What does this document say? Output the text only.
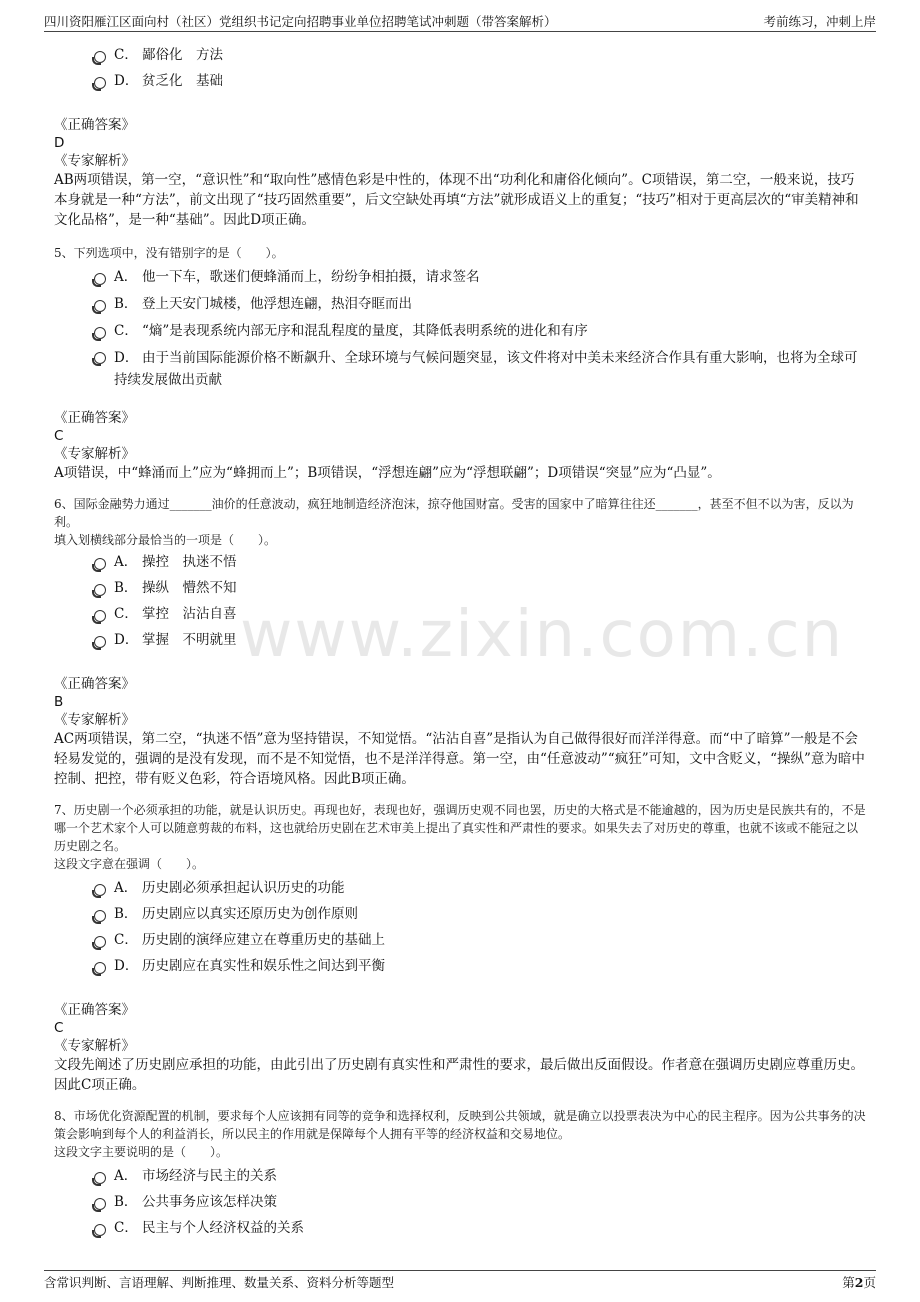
四川资阳雁江区面向村（社区）党组织书记定向招聘事业单位招聘笔试冲刺题（带答案解析）	考前练习，冲刺上岸
www.zixin.com.cn
C． 鄙俗化　方法
D． 贫乏化　基础
《正确答案》
D
《专家解析》
AB两项错误，第一空，“意识性”和“取向性”感情色彩是中性的，体现不出“功利化和庸俗化倾向”。C项错误，第二空，一般来说，技巧本身就是一种“方法”，前文出现了“技巧固然重要”，后文空缺处再填“方法”就形成语义上的重复；“技巧”相对于更高层次的“审美精神和文化品格”，是一种“基础”。因此D项正确。
5、下列选项中，没有错别字的是（　　）。
A． 他一下车，歌迷们便蜂涌而上，纷纷争相拍摄，请求签名
B． 登上天安门城楼，他浮想连翩，热泪夺眶而出
C． “熵”是表现系统内部无序和混乱程度的量度，其降低表明系统的进化和有序
D． 由于当前国际能源价格不断飙升、全球环境与气候问题突显，该文件将对中美未来经济合作具有重大影响，也将为全球可持续发展做出贡献
《正确答案》
C
《专家解析》
A项错误，中“蜂涌而上”应为“蜂拥而上”；B项错误，“浮想连翩”应为“浮想联翩”；D项错误“突显”应为“凸显”。
6、国际金融势力通过_______油价的任意波动，疯狂地制造经济泡沫，掠夺他国财富。受害的国家中了暗算往往还_______，甚至不但不以为害，反以为利。
填入划横线部分最恰当的一项是（　　）。
A． 操控　执迷不悟
B． 操纵　懵然不知
C． 掌控　沾沾自喜
D． 掌握　不明就里
《正确答案》
B
《专家解析》
AC两项错误，第二空，“执迷不悟”意为坚持错误，不知觉悟。“沾沾自喜”是指认为自己做得很好而洋洋得意。而“中了暗算”一般是不会轻易发觉的，强调的是没有发现，而不是不知觉悟，也不是洋洋得意。第一空，由“任意波动”“疯狂”可知，文中含贬义，“操纵”意为暗中控制、把控，带有贬义色彩，符合语境风格。因此B项正确。
7、历史剧一个必须承担的功能，就是认识历史。再现也好，表现也好，强调历史观不同也罢，历史的大格式是不能逾越的，因为历史是民族共有的，不是哪一个艺术家个人可以随意剪裁的布料，这也就给历史剧在艺术审美上提出了真实性和严肃性的要求。如果失去了对历史的尊重，也就不该或不能冠之以历史剧之名。
这段文字意在强调（　　）。
A． 历史剧必须承担起认识历史的功能
B． 历史剧应以真实还原历史为创作原则
C． 历史剧的演绎应建立在尊重历史的基础上
D． 历史剧应在真实性和娱乐性之间达到平衡
《正确答案》
C
《专家解析》
文段先阐述了历史剧应承担的功能，由此引出了历史剧有真实性和严肃性的要求，最后做出反面假设。作者意在强调历史剧应尊重历史。因此C项正确。
8、市场优化资源配置的机制，要求每个人应该拥有同等的竞争和选择权利，反映到公共领域，就是确立以投票表决为中心的民主程序。因为公共事务的决策会影响到每个人的利益消长，所以民主的作用就是保障每个人拥有平等的经济权益和交易地位。
这段文字主要说明的是（　　）。
A． 市场经济与民主的关系
B． 公共事务应该怎样决策
C． 民主与个人经济权益的关系
含常识判断、言语理解、判断推理、数量关系、资料分析等题型	第2页
